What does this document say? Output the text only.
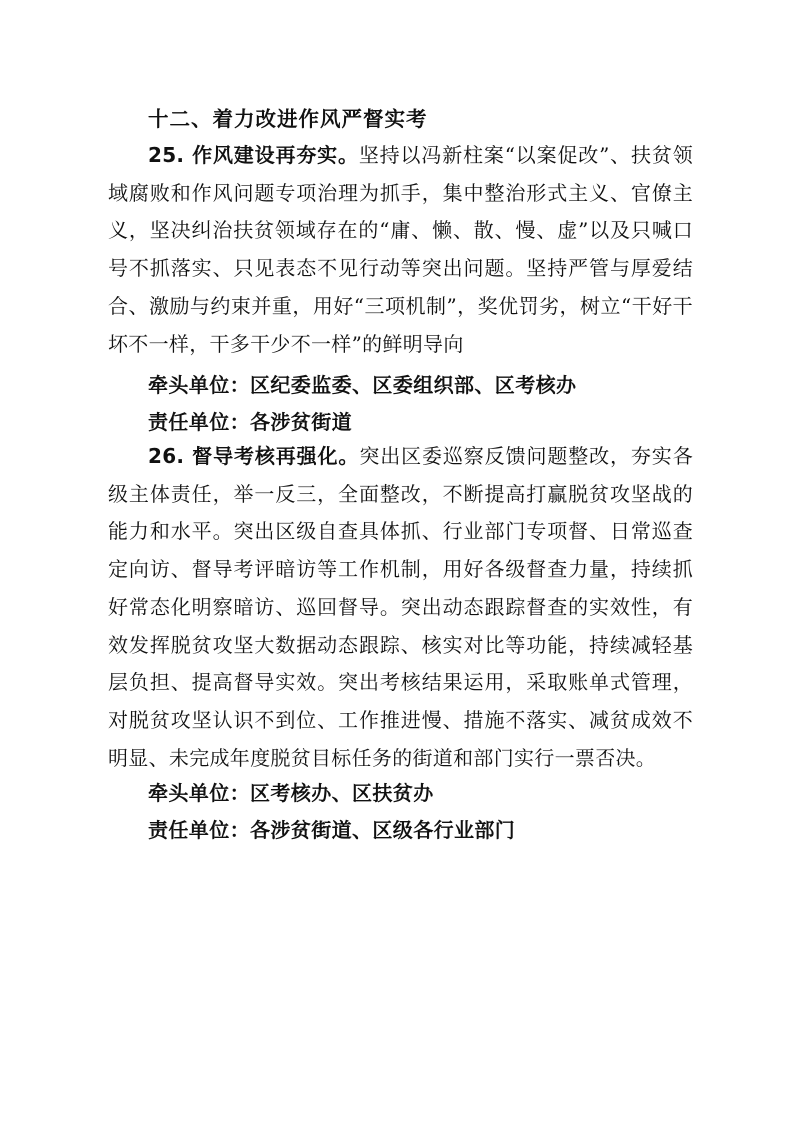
十二、着力改进作风严督实考
25. 作风建设再夯实。坚持以冯新柱案“以案促改”、扶贫领域腐败和作风问题专项治理为抓手，集中整治形式主义、官僚主义，坚决纠治扶贫领域存在的“庸、懒、散、慢、虚”以及只喊口号不抓落实、只见表态不见行动等突出问题。坚持严管与厚爱结合、激励与约束并重，用好“三项机制”，奖优罚劣，树立“干好干坏不一样，干多干少不一样”的鲜明导向
牵头单位：区纪委监委、区委组织部、区考核办
责任单位：各涉贫街道
26. 督导考核再强化。突出区委巡察反馈问题整改，夯实各级主体责任，举一反三，全面整改，不断提高打赢脱贫攻坚战的能力和水平。突出区级自查具体抓、行业部门专项督、日常巡查定向访、督导考评暗访等工作机制，用好各级督查力量，持续抓好常态化明察暗访、巡回督导。突出动态跟踪督查的实效性，有效发挥脱贫攻坚大数据动态跟踪、核实对比等功能，持续减轻基层负担、提高督导实效。突出考核结果运用，采取账单式管理，对脱贫攻坚认识不到位、工作推进慢、措施不落实、减贫成效不明显、未完成年度脱贫目标任务的街道和部门实行一票否决。
牵头单位：区考核办、区扶贫办
责任单位：各涉贫街道、区级各行业部门
